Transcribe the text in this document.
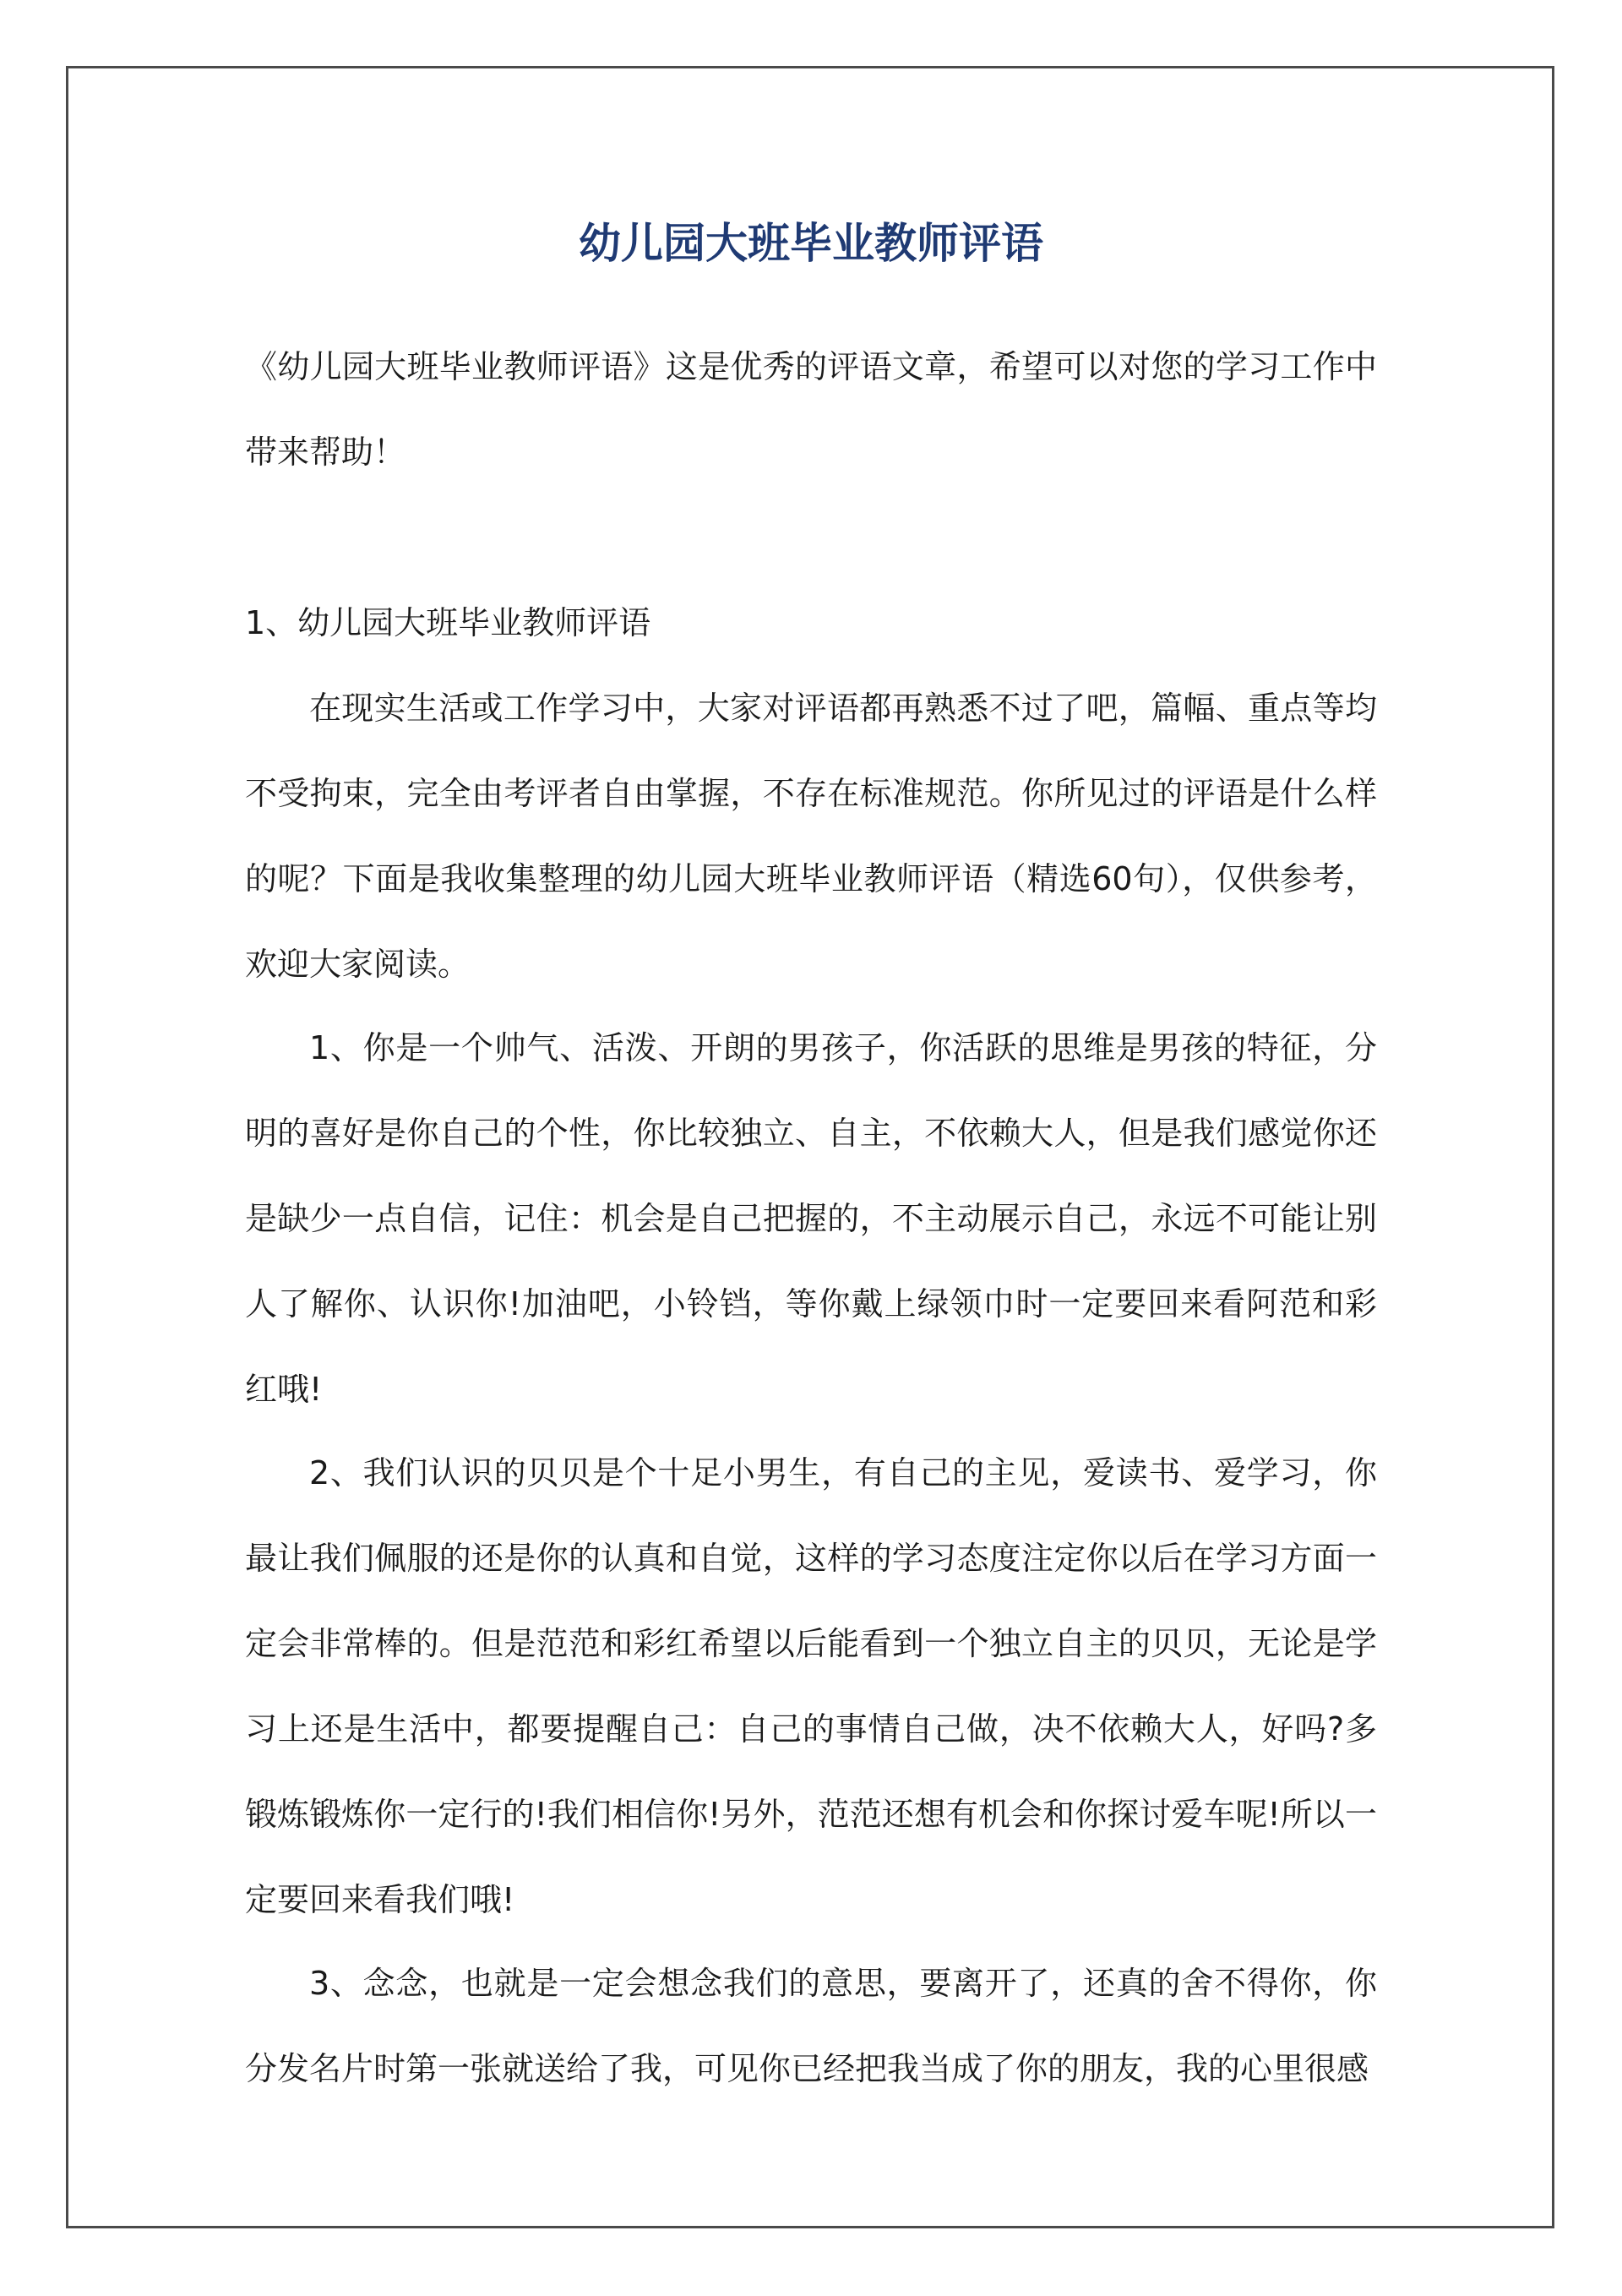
幼儿园大班毕业教师评语

《幼儿园大班毕业教师评语》这是优秀的评语文章，希望可以对您的学习工作中带来帮助！

1、幼儿园大班毕业教师评语

在现实生活或工作学习中，大家对评语都再熟悉不过了吧，篇幅、重点等均不受拘束，完全由考评者自由掌握，不存在标准规范。你所见过的评语是什么样的呢？下面是我收集整理的幼儿园大班毕业教师评语（精选60句），仅供参考，欢迎大家阅读。

1、你是一个帅气、活泼、开朗的男孩子，你活跃的思维是男孩的特征，分明的喜好是你自己的个性，你比较独立、自主，不依赖大人，但是我们感觉你还是缺少一点自信，记住：机会是自己把握的，不主动展示自己，永远不可能让别人了解你、认识你!加油吧，小铃铛，等你戴上绿领巾时一定要回来看阿范和彩红哦!

2、我们认识的贝贝是个十足小男生，有自己的主见，爱读书、爱学习，你最让我们佩服的还是你的认真和自觉，这样的学习态度注定你以后在学习方面一定会非常棒的。但是范范和彩红希望以后能看到一个独立自主的贝贝，无论是学习上还是生活中，都要提醒自己：自己的事情自己做，决不依赖大人，好吗?多锻炼锻炼你一定行的!我们相信你!另外，范范还想有机会和你探讨爱车呢!所以一定要回来看我们哦!

3、念念，也就是一定会想念我们的意思，要离开了，还真的舍不得你，你分发名片时第一张就送给了我，可见你已经把我当成了你的朋友，我的心里很感
